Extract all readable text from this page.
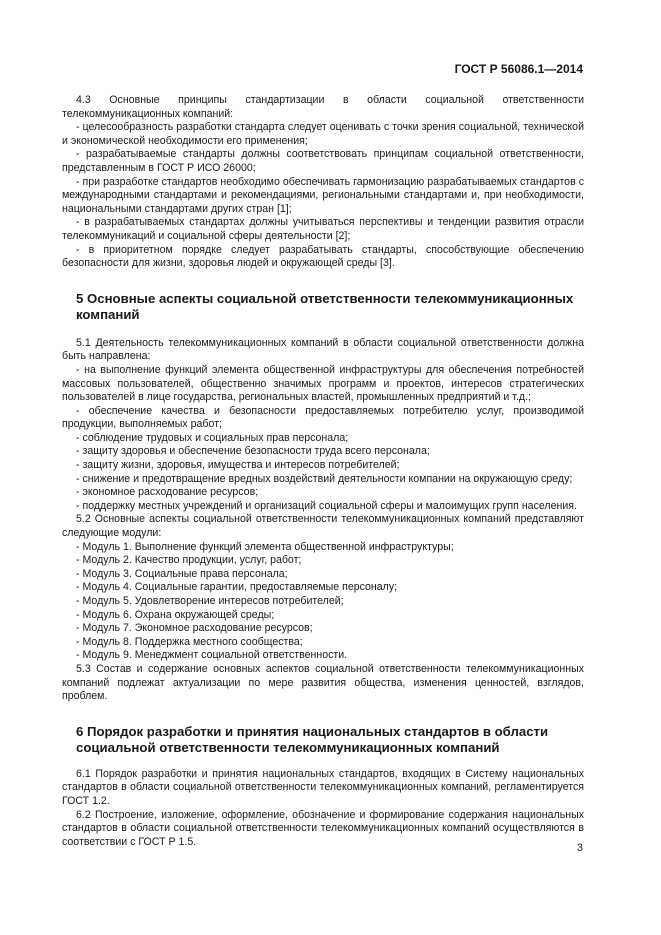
ГОСТ Р 56086.1—2014

4.3 Основные принципы стандартизации в области социальной ответственности телекоммуникационных компаний:

- целесообразность разработки стандарта следует оценивать с точки зрения социальной, технической и экономической необходимости его применения;

- разрабатываемые стандарты должны соответствовать принципам социальной ответственности, представленным в ГОСТ Р ИСО 26000;

- при разработке стандартов необходимо обеспечивать гармонизацию разрабатываемых стандартов с международными стандартами и рекомендациями, региональными стандартами и, при необходимости, национальными стандартами других стран [1];

- в разрабатываемых стандартах должны учитываться перспективы и тенденции развития отрасли телекоммуникаций и социальной сферы деятельности [2];

- в приоритетном порядке следует разрабатывать стандарты, способствующие обеспечению безопасности для жизни, здоровья людей и окружающей среды [3].

5 Основные аспекты социальной ответственности телекоммуникационных компаний

5.1 Деятельность телекоммуникационных компаний в области социальной ответственности должна быть направлена:

- на выполнение функций элемента общественной инфраструктуры для обеспечения потребностей массовых пользователей, общественно значимых программ и проектов, интересов стратегических пользователей в лице государства, региональных властей, промышленных предприятий и т.д.;

- обеспечение качества и безопасности предоставляемых потребителю услуг, производимой продукции, выполняемых работ;

- соблюдение трудовых и социальных прав персонала;

- защиту здоровья и обеспечение безопасности труда всего персонала;

- защиту жизни, здоровья, имущества и интересов потребителей;

- снижение и предотвращение вредных воздействий деятельности компании на окружающую среду;

- экономное расходование ресурсов;

- поддержку местных учреждений и организаций социальной сферы и малоимущих групп населения.

5.2 Основные аспекты социальной ответственности телекоммуникационных компаний представляют следующие модули:

- Модуль 1. Выполнение функций элемента общественной инфраструктуры;

- Модуль 2. Качество продукции, услуг, работ;

- Модуль 3. Социальные права персонала;

- Модуль 4. Социальные гарантии, предоставляемые персоналу;

- Модуль 5. Удовлетворение интересов потребителей;

- Модуль 6. Охрана окружающей среды;

- Модуль 7. Экономное расходование ресурсов;

- Модуль 8. Поддержка местного сообщества;

- Модуль 9. Менеджмент социальной ответственности.

5.3 Состав и содержание основных аспектов социальной ответственности телекоммуникационных компаний подлежат актуализации по мере развития общества, изменения ценностей, взглядов, проблем.

6 Порядок разработки и принятия национальных стандартов в области социальной ответственности телекоммуникационных компаний

6.1 Порядок разработки и принятия национальных стандартов, входящих в Систему национальных стандартов в области социальной ответственности телекоммуникационных компаний, регламентируется ГОСТ 1.2.

6.2 Построение, изложение, оформление, обозначение и формирование содержания национальных стандартов в области социальной ответственности телекоммуникационных компаний осуществляются в соответствии с ГОСТ Р 1.5.

3
